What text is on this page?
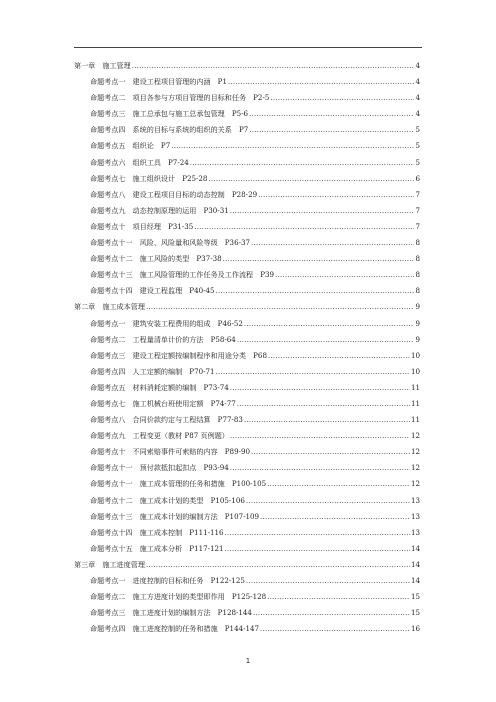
第一章　施工管理 .....	4
命题考点一　建设工程项目管理的内涵　P1 .....	4
命题考点二　项目各参与方项目管理的目标和任务　P2-5 .....	4
命题考点三　施工总承包与施工总承包管理　P5-6 .....	4
命题考点四　系统的目标与系统的组织的关系　P7 .....	5
命题考点五　组织论　P7 .....	5
命题考点六　组织工具　P7-24 .....	5
命题考点七　施工组织设计　P25-28 .....	6
命题考点八　建设工程项目目标的动态控制　P28-29 .....	7
命题考点九　动态控制原理的运用　P30-31 .....	7
命题考点十　项目经理　P31-35 .....	7
命题考点十一　风险、风险量和风险等级　P36-37 .....	8
命题考点十二　施工风险的类型　P37-38 .....	8
命题考点十三　施工风险管理的工作任务及工作流程　P39 .....	8
命题考点十四　建设工程监理　P40-45 .....	8
第二章　施工成本管理 .....	9
命题考点一　建筑安装工程费用的组成　P46-52 .....	9
命题考点二　工程量清单计价的方法　P58-64 .....	9
命题考点三　建设工程定额按编制程序和用途分类　P68 .....	10
命题考点四　人工定额的编制　P70-71 .....	10
命题考点五　材料消耗定额的编制　P73-74 .....	11
命题考点七　施工机械台班使用定额　P74-77 .....	11
命题考点八　合同价款约定与工程结算　P77-83 .....	11
命题考点九　工程变更（教材 P87 页例题） .....	12
命题考点十　不同索赔事件可索赔的内容　P89-90 .....	12
命题考点十一　预付款抵扣起扣点　P93-94 .....	12
命题考点十一　施工成本管理的任务和措施　P100-105 .....	12
命题考点十二　施工成本计划的类型　P105-106 .....	13
命题考点十三　施工成本计划的编制方法　P107-109 .....	13
命题考点十四　施工成本控制　P111-116 .....	13
命题考点十五　施工成本分析　P117-121 .....	14
第三章　施工进度管理 .....	14
命题考点一　进度控制的目标和任务　P122-125 .....	14
命题考点二　施工方进度计划的类型即作用　P125-128 .....	15
命题考点三　施工进度计划的编制方法　P128-144 .....	15
命题考点四　施工进度控制的任务和措施　P144-147 .....	16
1
